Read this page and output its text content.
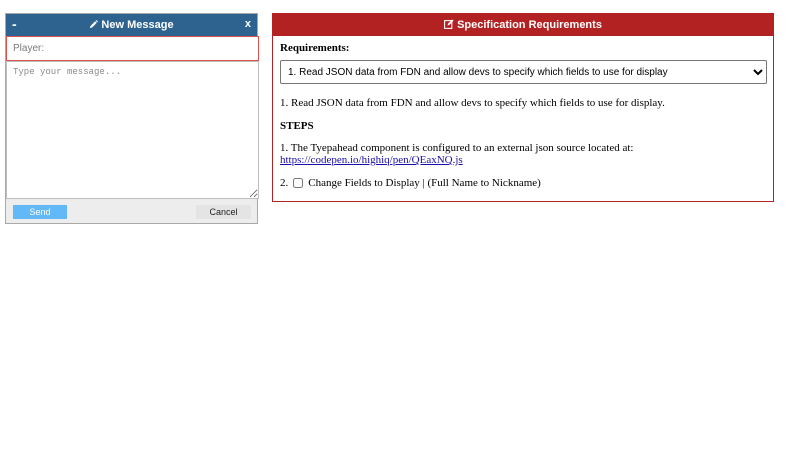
-	New Message	x
Player:
Type your message...
Send	Cancel
Specification Requirements
Requirements:
1. Read JSON data from FDN and allow devs to specify which fields to use for display
1. Read JSON data from FDN and allow devs to specify which fields to use for display.
STEPS
1. The Tyepahead component is configured to an external json source located at:
https://codepen.io/highiq/pen/QEaxNQ.js
2. Change Fields to Display | (Full Name to Nickname)
